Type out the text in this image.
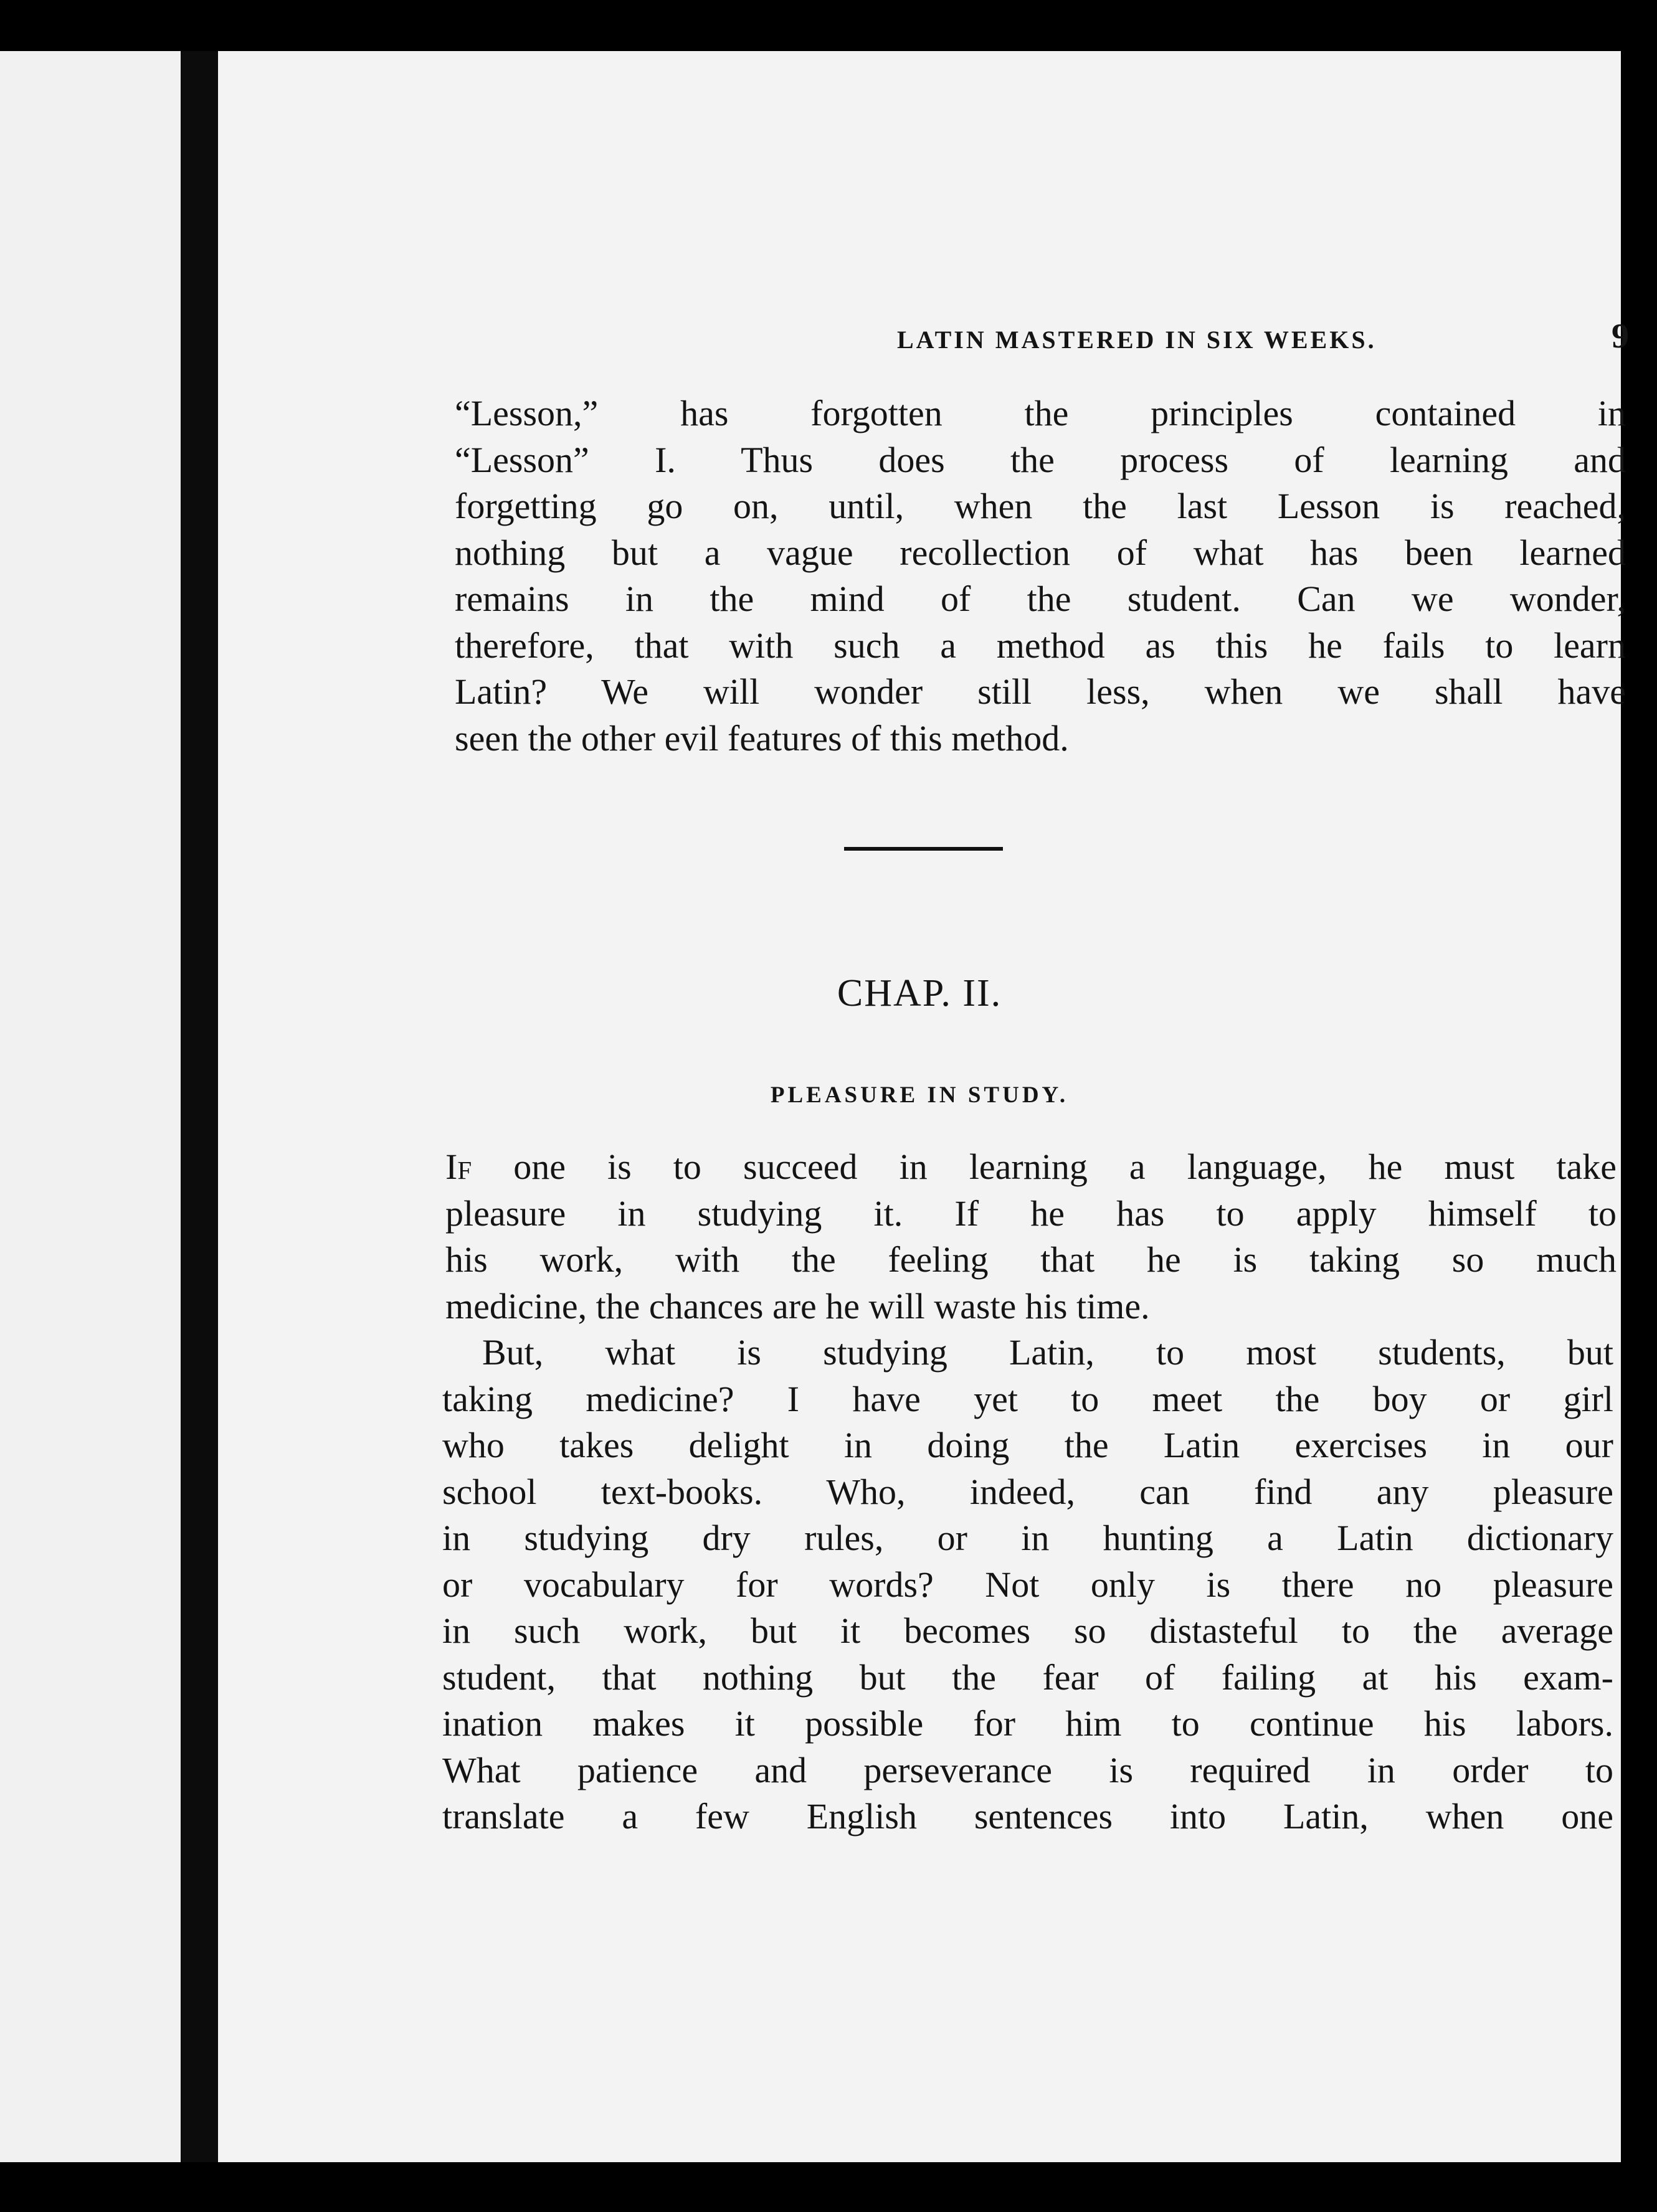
LATIN MASTERED IN SIX WEEKS.	9

“Lesson,” has forgotten the principles contained in
“Lesson” I. Thus does the process of learning and
forgetting go on, until, when the last Lesson is reached,
nothing but a vague recollection of what has been learned
remains in the mind of the student. Can we wonder,
therefore, that with such a method as this he fails to learn
Latin? We will wonder still less, when we shall have
seen the other evil features of this method.

CHAP. II.
PLEASURE IN STUDY.

If one is to succeed in learning a language, he must take
pleasure in studying it. If he has to apply himself to
his work, with the feeling that he is taking so much
medicine, the chances are he will waste his time.

But, what is studying Latin, to most students, but
taking medicine? I have yet to meet the boy or girl
who takes delight in doing the Latin exercises in our
school text-books. Who, indeed, can find any pleasure
in studying dry rules, or in hunting a Latin dictionary
or vocabulary for words? Not only is there no pleasure
in such work, but it becomes so distasteful to the average
student, that nothing but the fear of failing at his exam-
ination makes it possible for him to continue his labors.
What patience and perseverance is required in order to
translate a few English sentences into Latin, when one
